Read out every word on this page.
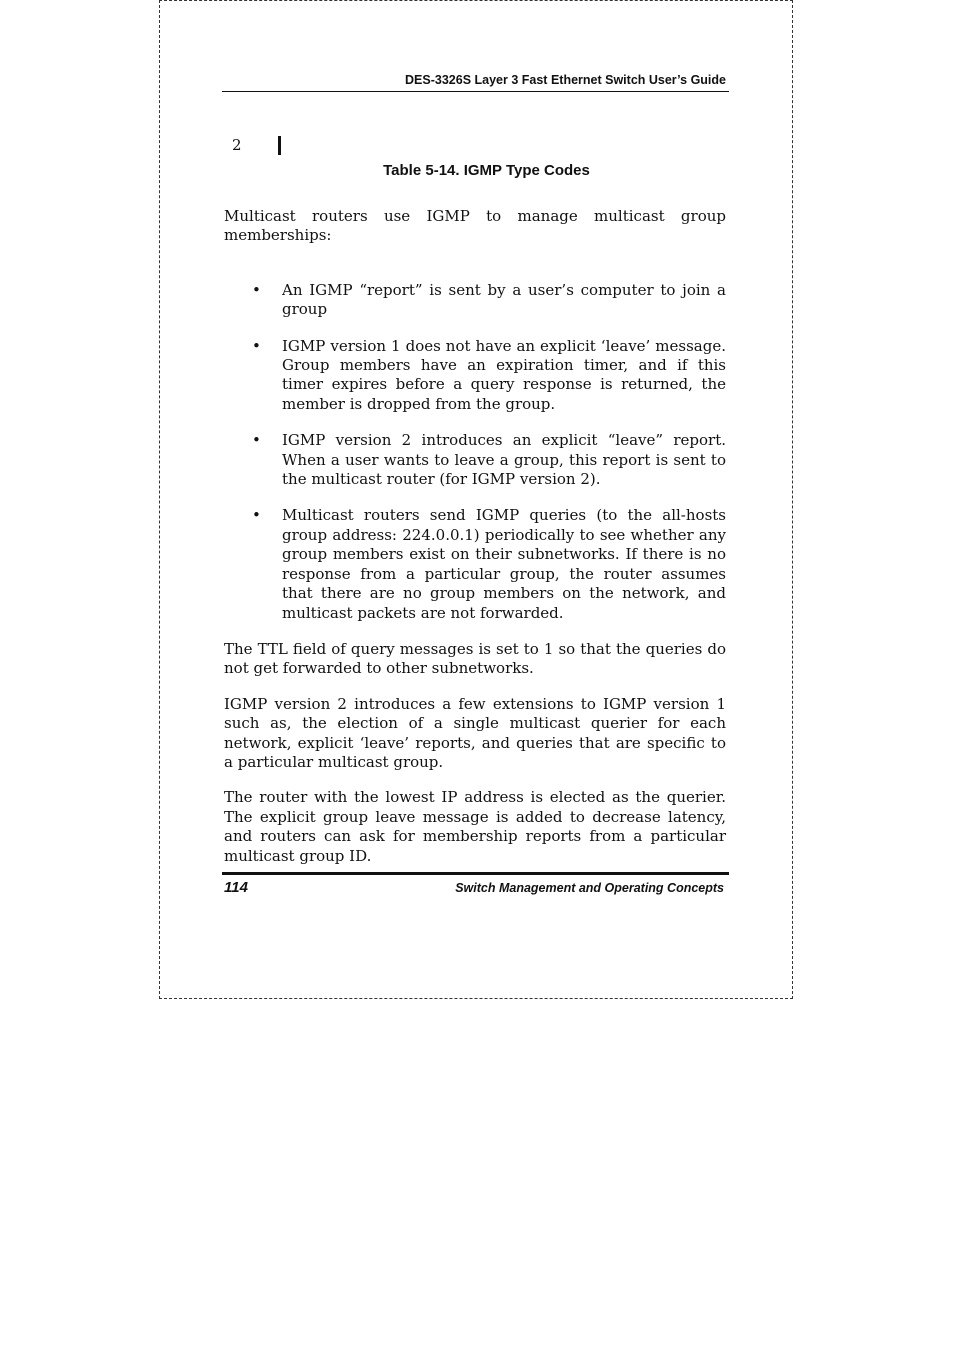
DES-3326S Layer 3 Fast Ethernet Switch User’s Guide
2
Table 5-14. IGMP Type Codes

Multicast routers use IGMP to manage multicast group memberships:

• An IGMP “report” is sent by a user’s computer to join a group
• IGMP version 1 does not have an explicit ‘leave’ message. Group members have an expiration timer, and if this timer expires before a query response is returned, the member is dropped from the group.
• IGMP version 2 introduces an explicit “leave” report. When a user wants to leave a group, this report is sent to the multicast router (for IGMP version 2).
• Multicast routers send IGMP queries (to the all-hosts group address: 224.0.0.1) periodically to see whether any group members exist on their subnetworks. If there is no response from a particular group, the router assumes that there are no group members on the network, and multicast packets are not forwarded.

The TTL field of query messages is set to 1 so that the queries do not get forwarded to other subnetworks.

IGMP version 2 introduces a few extensions to IGMP version 1 such as, the election of a single multicast querier for each network, explicit ‘leave’ reports, and queries that are specific to a particular multicast group.

The router with the lowest IP address is elected as the querier. The explicit group leave message is added to decrease latency, and routers can ask for membership reports from a particular multicast group ID.

114	Switch Management and Operating Concepts
